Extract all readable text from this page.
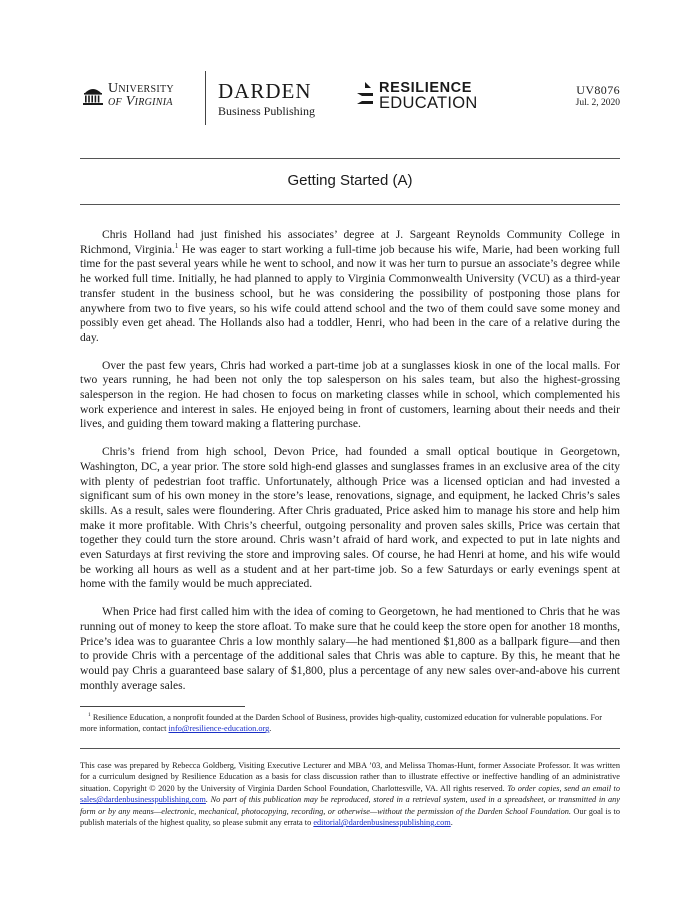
University
of Virginia DARDEN
Business Publishing
RESILIENCE
EDUCATION
UV8076
Jul. 2, 2020
Getting Started (A)

Chris Holland had just finished his associates’ degree at J. Sargeant Reynolds Community College in Richmond, Virginia.$^1$ He was eager to start working a full-time job because his wife, Marie, had been working full time for the past several years while he went to school, and now it was her turn to pursue an associate’s degree while he worked full time. Initially, he had planned to apply to Virginia Commonwealth University (VCU) as a third-year transfer student in the business school, but he was considering the possibility of postponing those plans for anywhere from two to five years, so his wife could attend school and the two of them could save some money and possibly even get ahead. The Hollands also had a toddler, Henri, who had been in the care of a relative during the day.

Over the past few years, Chris had worked a part-time job at a sunglasses kiosk in one of the local malls. For two years running, he had been not only the top salesperson on his sales team, but also the highest-grossing salesperson in the region. He had chosen to focus on marketing classes while in school, which complemented his work experience and interest in sales. He enjoyed being in front of customers, learning about their needs and their lives, and guiding them toward making a flattering purchase.

Chris’s friend from high school, Devon Price, had founded a small optical boutique in Georgetown, Washington, DC, a year prior. The store sold high-end glasses and sunglasses frames in an exclusive area of the city with plenty of pedestrian foot traffic. Unfortunately, although Price was a licensed optician and had invested a significant sum of his own money in the store’s lease, renovations, signage, and equipment, he lacked Chris’s sales skills. As a result, sales were floundering. After Chris graduated, Price asked him to manage his store and help him make it more profitable. With Chris’s cheerful, outgoing personality and proven sales skills, Price was certain that together they could turn the store around. Chris wasn’t afraid of hard work, and expected to put in late nights and even Saturdays at first reviving the store and improving sales. Of course, he had Henri at home, and his wife would be working all hours as well as a student and at her part-time job. So a few Saturdays or early evenings spent at home with the family would be much appreciated.

When Price had first called him with the idea of coming to Georgetown, he had mentioned to Chris that he was running out of money to keep the store afloat. To make sure that he could keep the store open for another 18 months, Price’s idea was to guarantee Chris a low monthly salary—he had mentioned $1,800 as a ballpark figure—and then to provide Chris with a percentage of the additional sales that Chris was able to capture. By this, he meant that he would pay Chris a guaranteed base salary of $1,800, plus a percentage of any new sales over-and-above his current monthly average sales.

$^1$ Resilience Education, a nonprofit founded at the Darden School of Business, provides high-quality, customized education for vulnerable populations. For more information, contact info@resilience-education.org.
This case was prepared by Rebecca Goldberg, Visiting Executive Lecturer and MBA ’03, and Melissa Thomas-Hunt, former Associate Professor. It was written for a curriculum designed by Resilience Education as a basis for class discussion rather than to illustrate effective or ineffective handling of an administrative situation. Copyright © 2020 by the University of Virginia Darden School Foundation, Charlottesville, VA. All rights reserved. To order copies, send an email to sales@dardenbusinesspublishing.com. No part of this publication may be reproduced, stored in a retrieval system, used in a spreadsheet, or transmitted in any form or by any means—electronic, mechanical, photocopying, recording, or otherwise—without the permission of the Darden School Foundation. Our goal is to publish materials of the highest quality, so please submit any errata to editorial@dardenbusinesspublishing.com.
